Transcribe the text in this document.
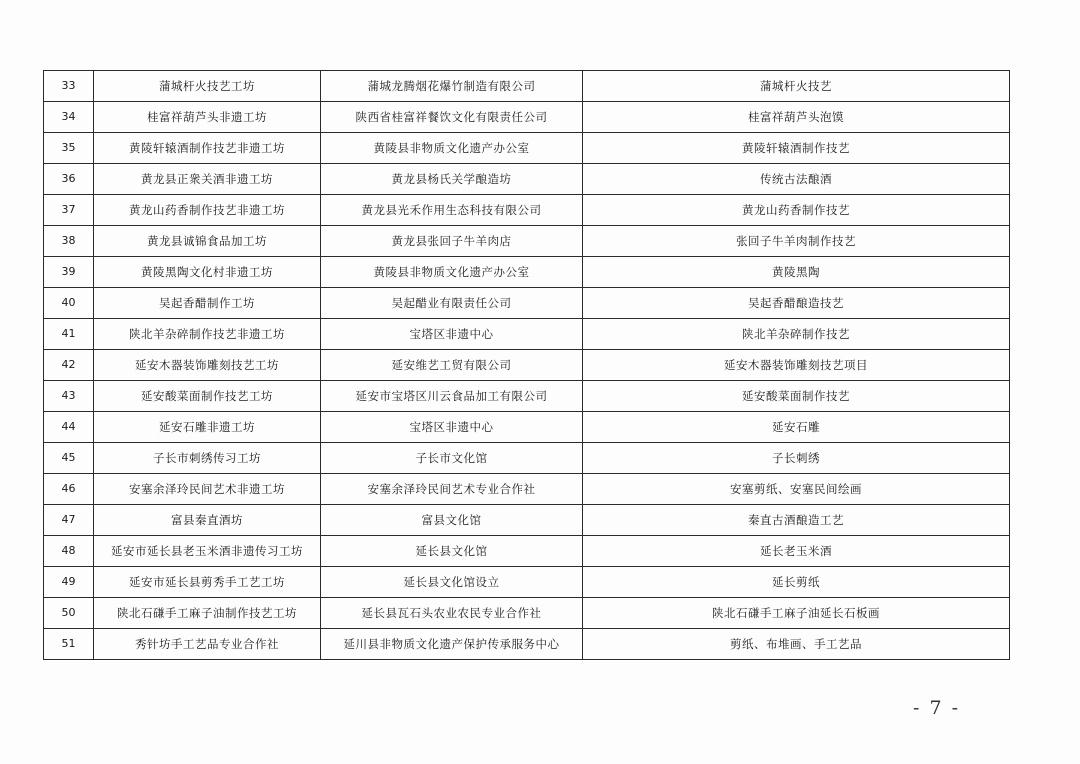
33	蒲城杆火技艺工坊	蒲城龙腾烟花爆竹制造有限公司	蒲城杆火技艺
34	桂富祥葫芦头非遗工坊	陕西省桂富祥餐饮文化有限责任公司	桂富祥葫芦头泡馍
35	黄陵轩辕酒制作技艺非遗工坊	黄陵县非物质文化遗产办公室	黄陵轩辕酒制作技艺
36	黄龙县正衆关酒非遗工坊	黄龙县杨氏关学酿造坊	传统古法酿酒
37	黄龙山药香制作技艺非遗工坊	黄龙县光禾作用生态科技有限公司	黄龙山药香制作技艺
38	黄龙县诚锦食品加工坊	黄龙县张回子牛羊肉店	张回子牛羊肉制作技艺
39	黄陵黑陶文化村非遗工坊	黄陵县非物质文化遗产办公室	黄陵黑陶
40	吴起香醋制作工坊	吴起醋业有限责任公司	吴起香醋酿造技艺
41	陕北羊杂碎制作技艺非遗工坊	宝塔区非遗中心	陕北羊杂碎制作技艺
42	延安木器装饰雕刻技艺工坊	延安维艺工贸有限公司	延安木器装饰雕刻技艺项目
43	延安酸菜面制作技艺工坊	延安市宝塔区川云食品加工有限公司	延安酸菜面制作技艺
44	延安石雕非遗工坊	宝塔区非遗中心	延安石雕
45	子长市刺绣传习工坊	子长市文化馆	子长刺绣
46	安塞余泽玲民间艺术非遗工坊	安塞余泽玲民间艺术专业合作社	安塞剪纸、安塞民间绘画
47	富县秦直酒坊	富县文化馆	秦直古酒酿造工艺
48	延安市延长县老玉米酒非遗传习工坊	延长县文化馆	延长老玉米酒
49	延安市延长县剪秀手工艺工坊	延长县文化馆设立	延长剪纸
50	陕北石磏手工麻子油制作技艺工坊	延长县瓦石头农业农民专业合作社	陕北石磏手工麻子油延长石板画
51	秀针坊手工艺品专业合作社	延川县非物质文化遗产保护传承服务中心	剪纸、布堆画、手工艺品
- 7 -
